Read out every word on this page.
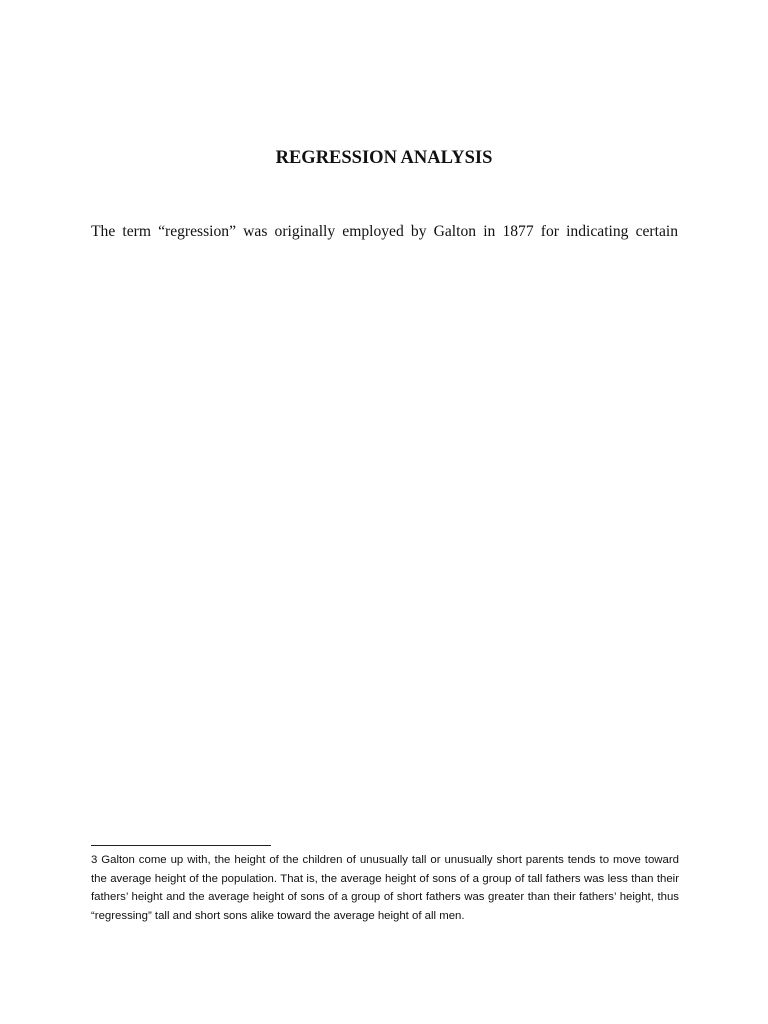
REGRESSION ANALYSIS

The term “regression” was originally employed by Galton in 1877 for indicating certain

3 Galton come up with, the height of the children of unusually tall or unusually short parents tends to move toward
the average height of the population. That is, the average height of sons of a group of tall fathers was less than their
fathers’ height and the average height of sons of a group of short fathers was greater than their fathers’ height, thus
“regressing” tall and short sons alike toward the average height of all men.
